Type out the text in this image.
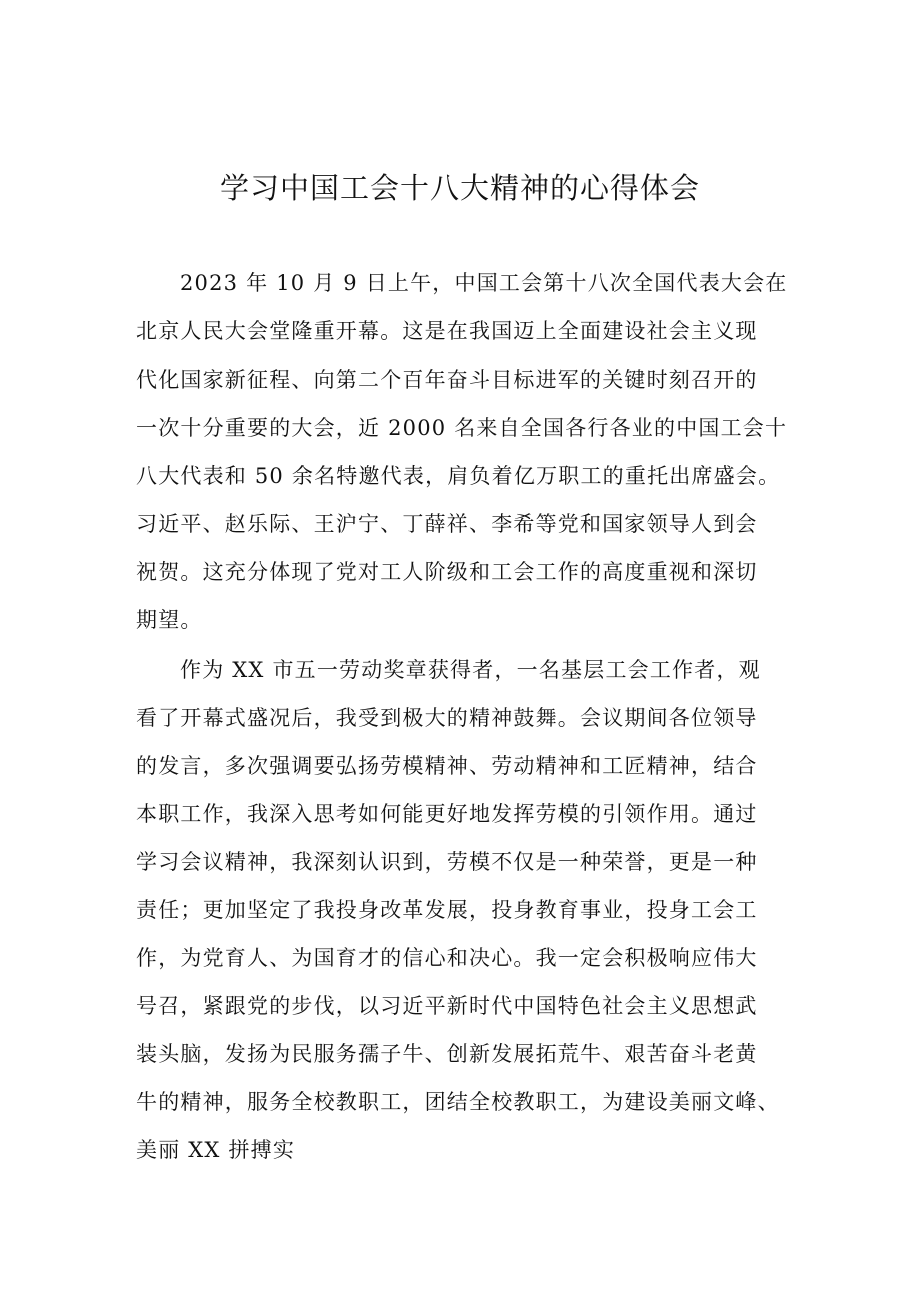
学习中国工会十八大精神的心得体会

2023 年 10 月 9 日上午，中国工会第十八次全国代表大会在

北京人民大会堂隆重开幕。这是在我国迈上全面建设社会主义现

代化国家新征程、向第二个百年奋斗目标进军的关键时刻召开的

一次十分重要的大会，近 2000 名来自全国各行各业的中国工会十

八大代表和 50 余名特邀代表，肩负着亿万职工的重托出席盛会。

习近平、赵乐际、王沪宁、丁薛祥、李希等党和国家领导人到会

祝贺。这充分体现了党对工人阶级和工会工作的高度重视和深切

期望。

作为 XX 市五一劳动奖章获得者，一名基层工会工作者，观

看了开幕式盛况后，我受到极大的精神鼓舞。会议期间各位领导

的发言，多次强调要弘扬劳模精神、劳动精神和工匠精神，结合

本职工作，我深入思考如何能更好地发挥劳模的引领作用。通过

学习会议精神，我深刻认识到，劳模不仅是一种荣誉，更是一种

责任；更加坚定了我投身改革发展，投身教育事业，投身工会工

作，为党育人、为国育才的信心和决心。我一定会积极响应伟大

号召，紧跟党的步伐，以习近平新时代中国特色社会主义思想武

装头脑，发扬为民服务孺子牛、创新发展拓荒牛、艰苦奋斗老黄

牛的精神，服务全校教职工，团结全校教职工，为建设美丽文峰、

美丽 XX 拼搏实
